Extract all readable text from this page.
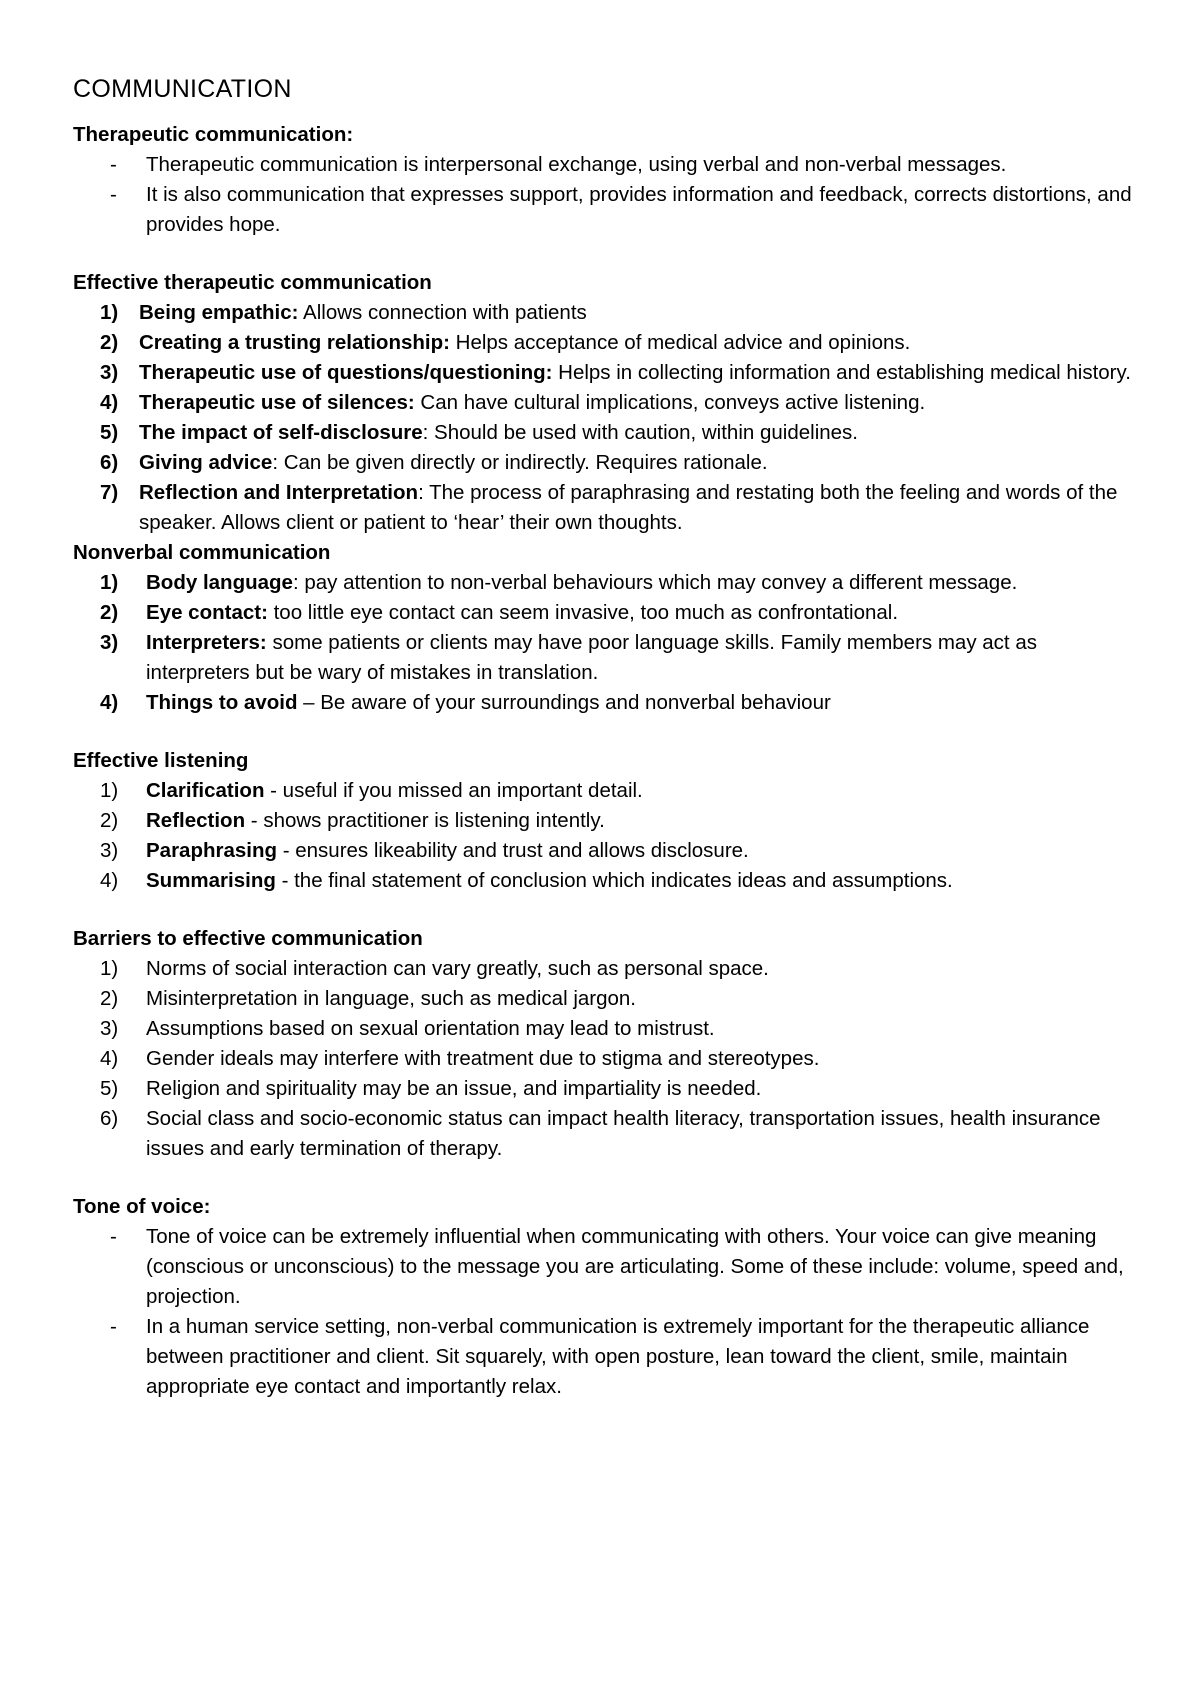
COMMUNICATION

Therapeutic communication:

- Therapeutic communication is interpersonal exchange, using verbal and non-verbal messages.
- It is also communication that expresses support, provides information and feedback, corrects distortions, and provides hope.

Effective therapeutic communication

1) Being empathic: Allows connection with patients
2) Creating a trusting relationship: Helps acceptance of medical advice and opinions.
3) Therapeutic use of questions/questioning: Helps in collecting information and establishing medical history.
4) Therapeutic use of silences: Can have cultural implications, conveys active listening.
5) The impact of self-disclosure: Should be used with caution, within guidelines.
6) Giving advice: Can be given directly or indirectly. Requires rationale.
7) Reflection and Interpretation: The process of paraphrasing and restating both the feeling and words of the speaker. Allows client or patient to ‘hear’ their own thoughts.

Nonverbal communication

1) Body language: pay attention to non-verbal behaviours which may convey a different message.
2) Eye contact: too little eye contact can seem invasive, too much as confrontational.
3) Interpreters: some patients or clients may have poor language skills. Family members may act as interpreters but be wary of mistakes in translation.
4) Things to avoid – Be aware of your surroundings and nonverbal behaviour

Effective listening

1) Clarification - useful if you missed an important detail.
2) Reflection - shows practitioner is listening intently.
3) Paraphrasing - ensures likeability and trust and allows disclosure.
4) Summarising - the final statement of conclusion which indicates ideas and assumptions.

Barriers to effective communication

1) Norms of social interaction can vary greatly, such as personal space.
2) Misinterpretation in language, such as medical jargon.
3) Assumptions based on sexual orientation may lead to mistrust.
4) Gender ideals may interfere with treatment due to stigma and stereotypes.
5) Religion and spirituality may be an issue, and impartiality is needed.
6) Social class and socio-economic status can impact health literacy, transportation issues, health insurance issues and early termination of therapy.

Tone of voice:

- Tone of voice can be extremely influential when communicating with others. Your voice can give meaning (conscious or unconscious) to the message you are articulating. Some of these include: volume, speed and, projection.
- In a human service setting, non-verbal communication is extremely important for the therapeutic alliance between practitioner and client. Sit squarely, with open posture, lean toward the client, smile, maintain appropriate eye contact and importantly relax.
